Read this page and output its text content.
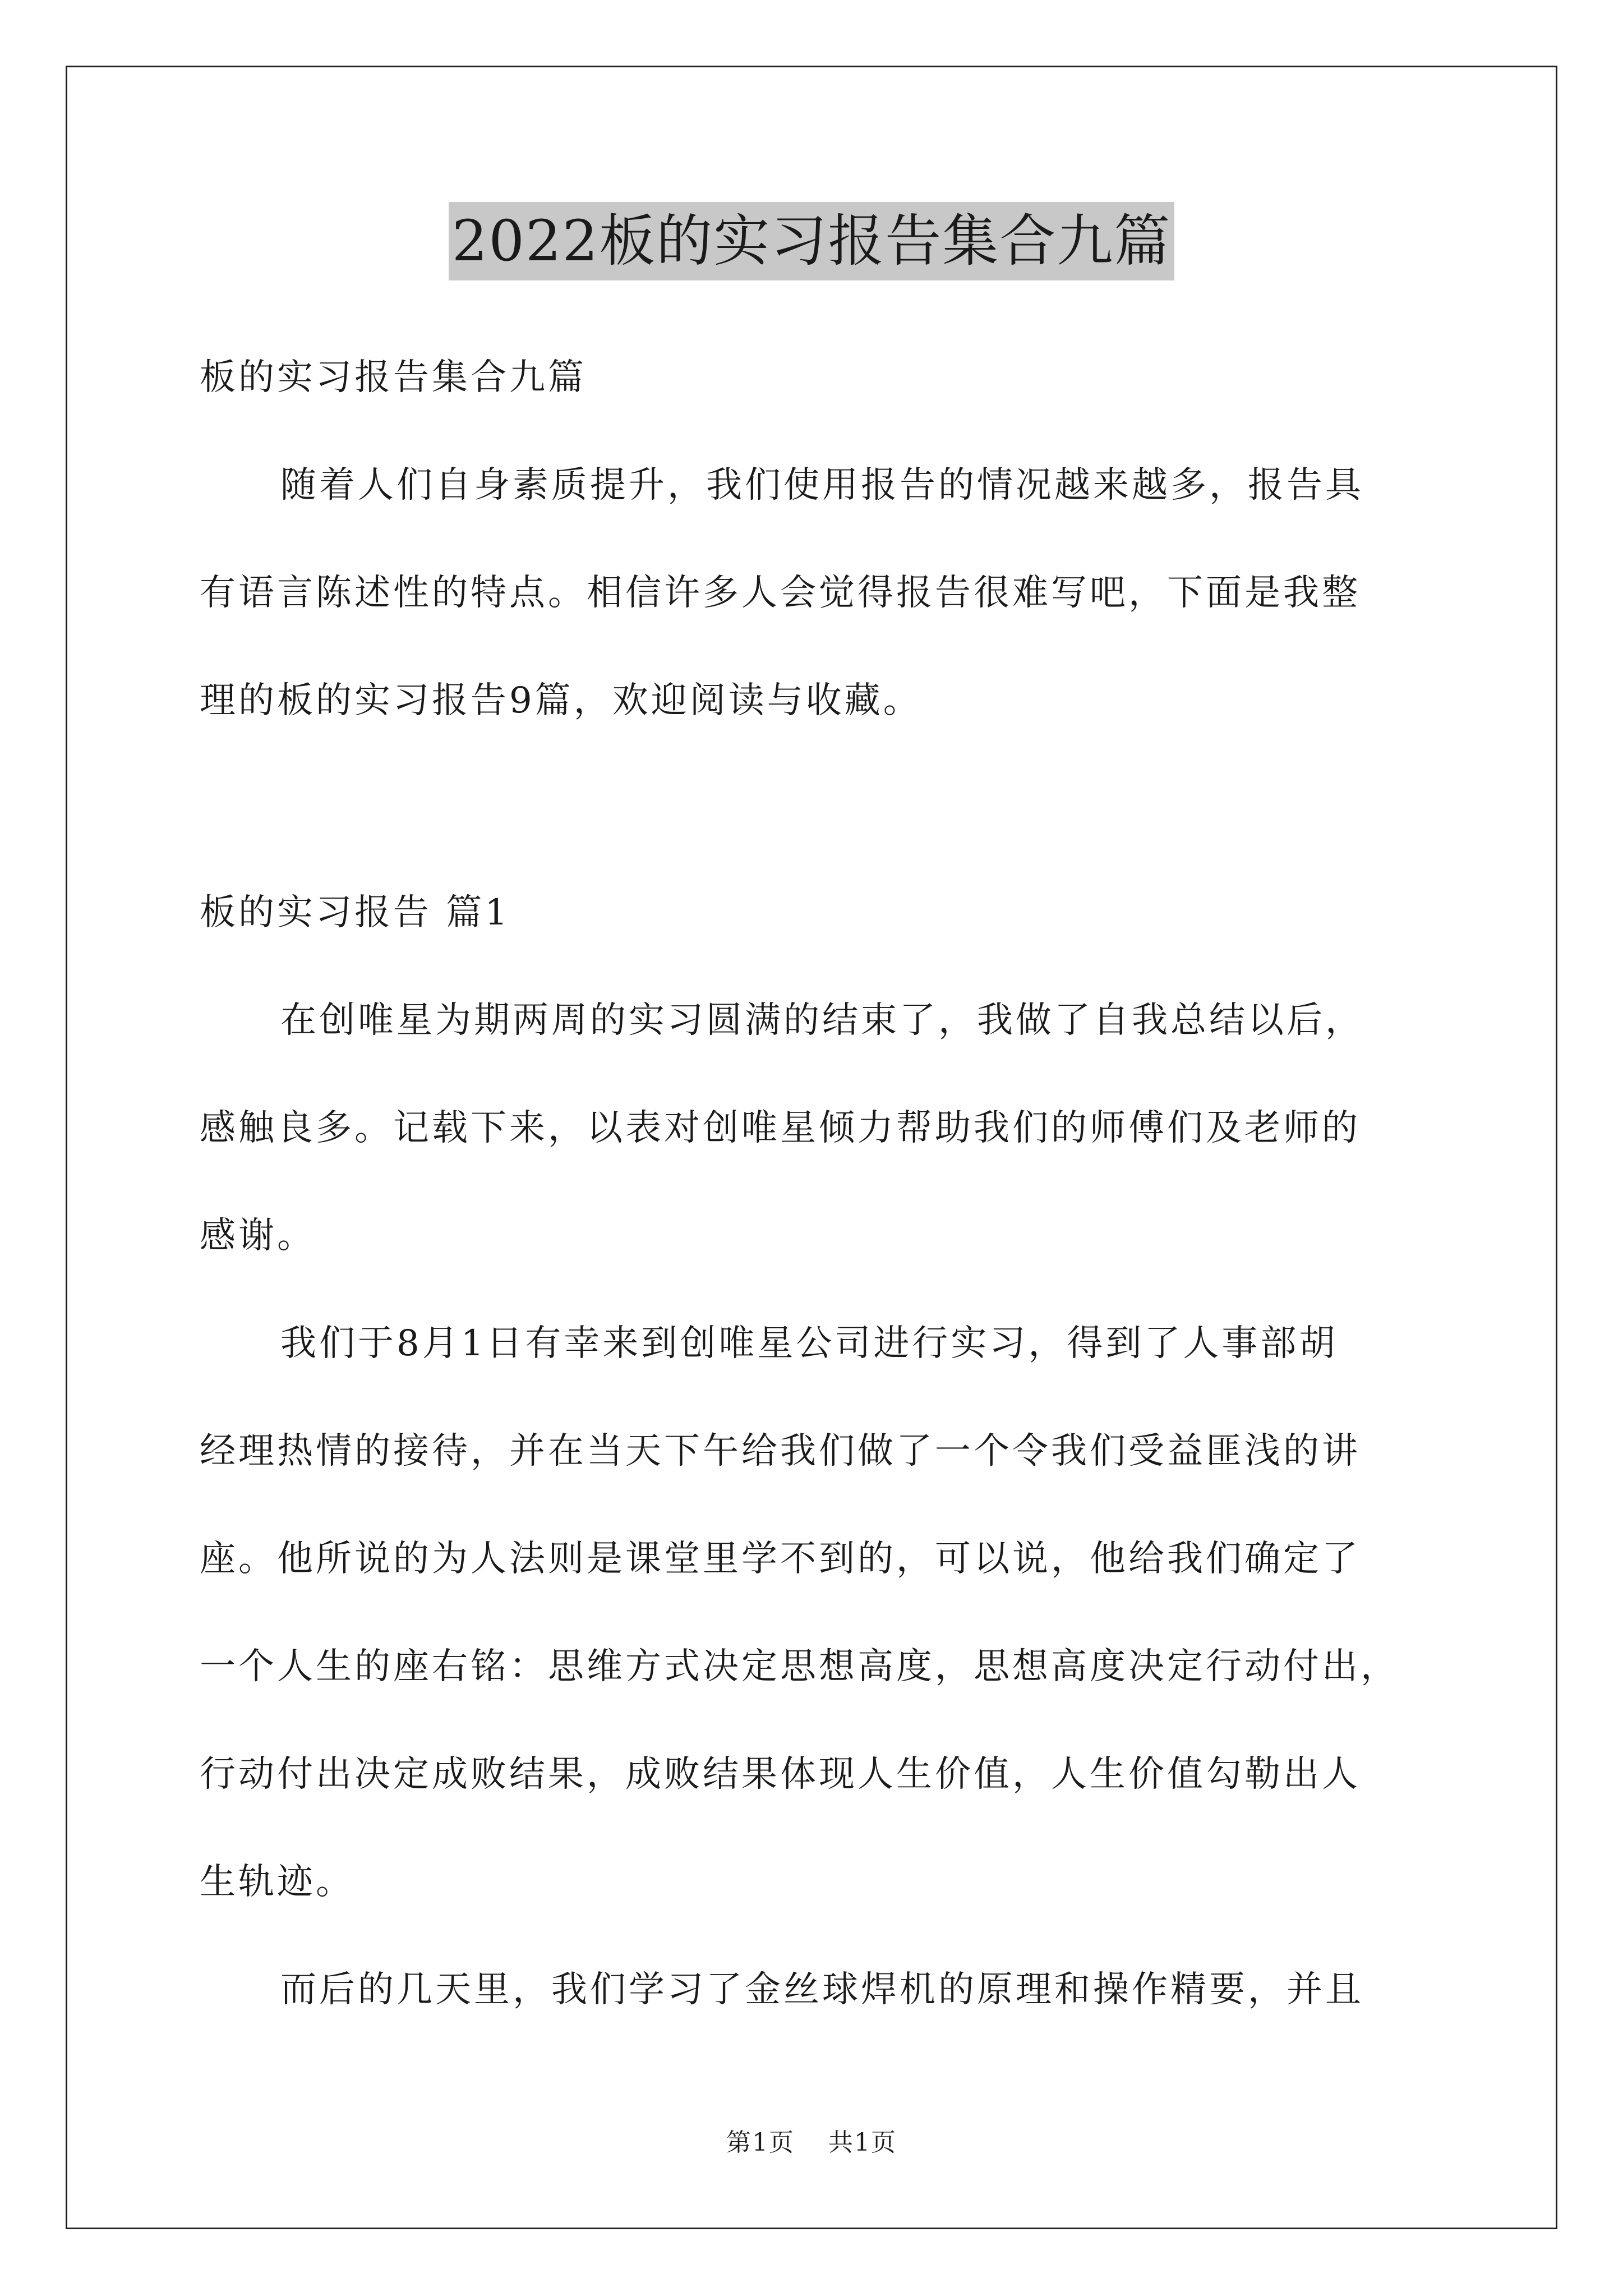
2022板的实习报告集合九篇

板的实习报告集合九篇

随着人们自身素质提升，我们使用报告的情况越来越多，报告具

有语言陈述性的特点。相信许多人会觉得报告很难写吧，下面是我整

理的板的实习报告9篇，欢迎阅读与收藏。

板的实习报告 篇1

在创唯星为期两周的实习圆满的结束了，我做了自我总结以后，

感触良多。记载下来，以表对创唯星倾力帮助我们的师傅们及老师的

感谢。

我们于8月1日有幸来到创唯星公司进行实习，得到了人事部胡

经理热情的接待，并在当天下午给我们做了一个令我们受益匪浅的讲

座。他所说的为人法则是课堂里学不到的，可以说，他给我们确定了

一个人生的座右铭：思维方式决定思想高度，思想高度决定行动付出，

行动付出决定成败结果，成败结果体现人生价值，人生价值勾勒出人

生轨迹。

而后的几天里，我们学习了金丝球焊机的原理和操作精要，并且

第1页 共1页
